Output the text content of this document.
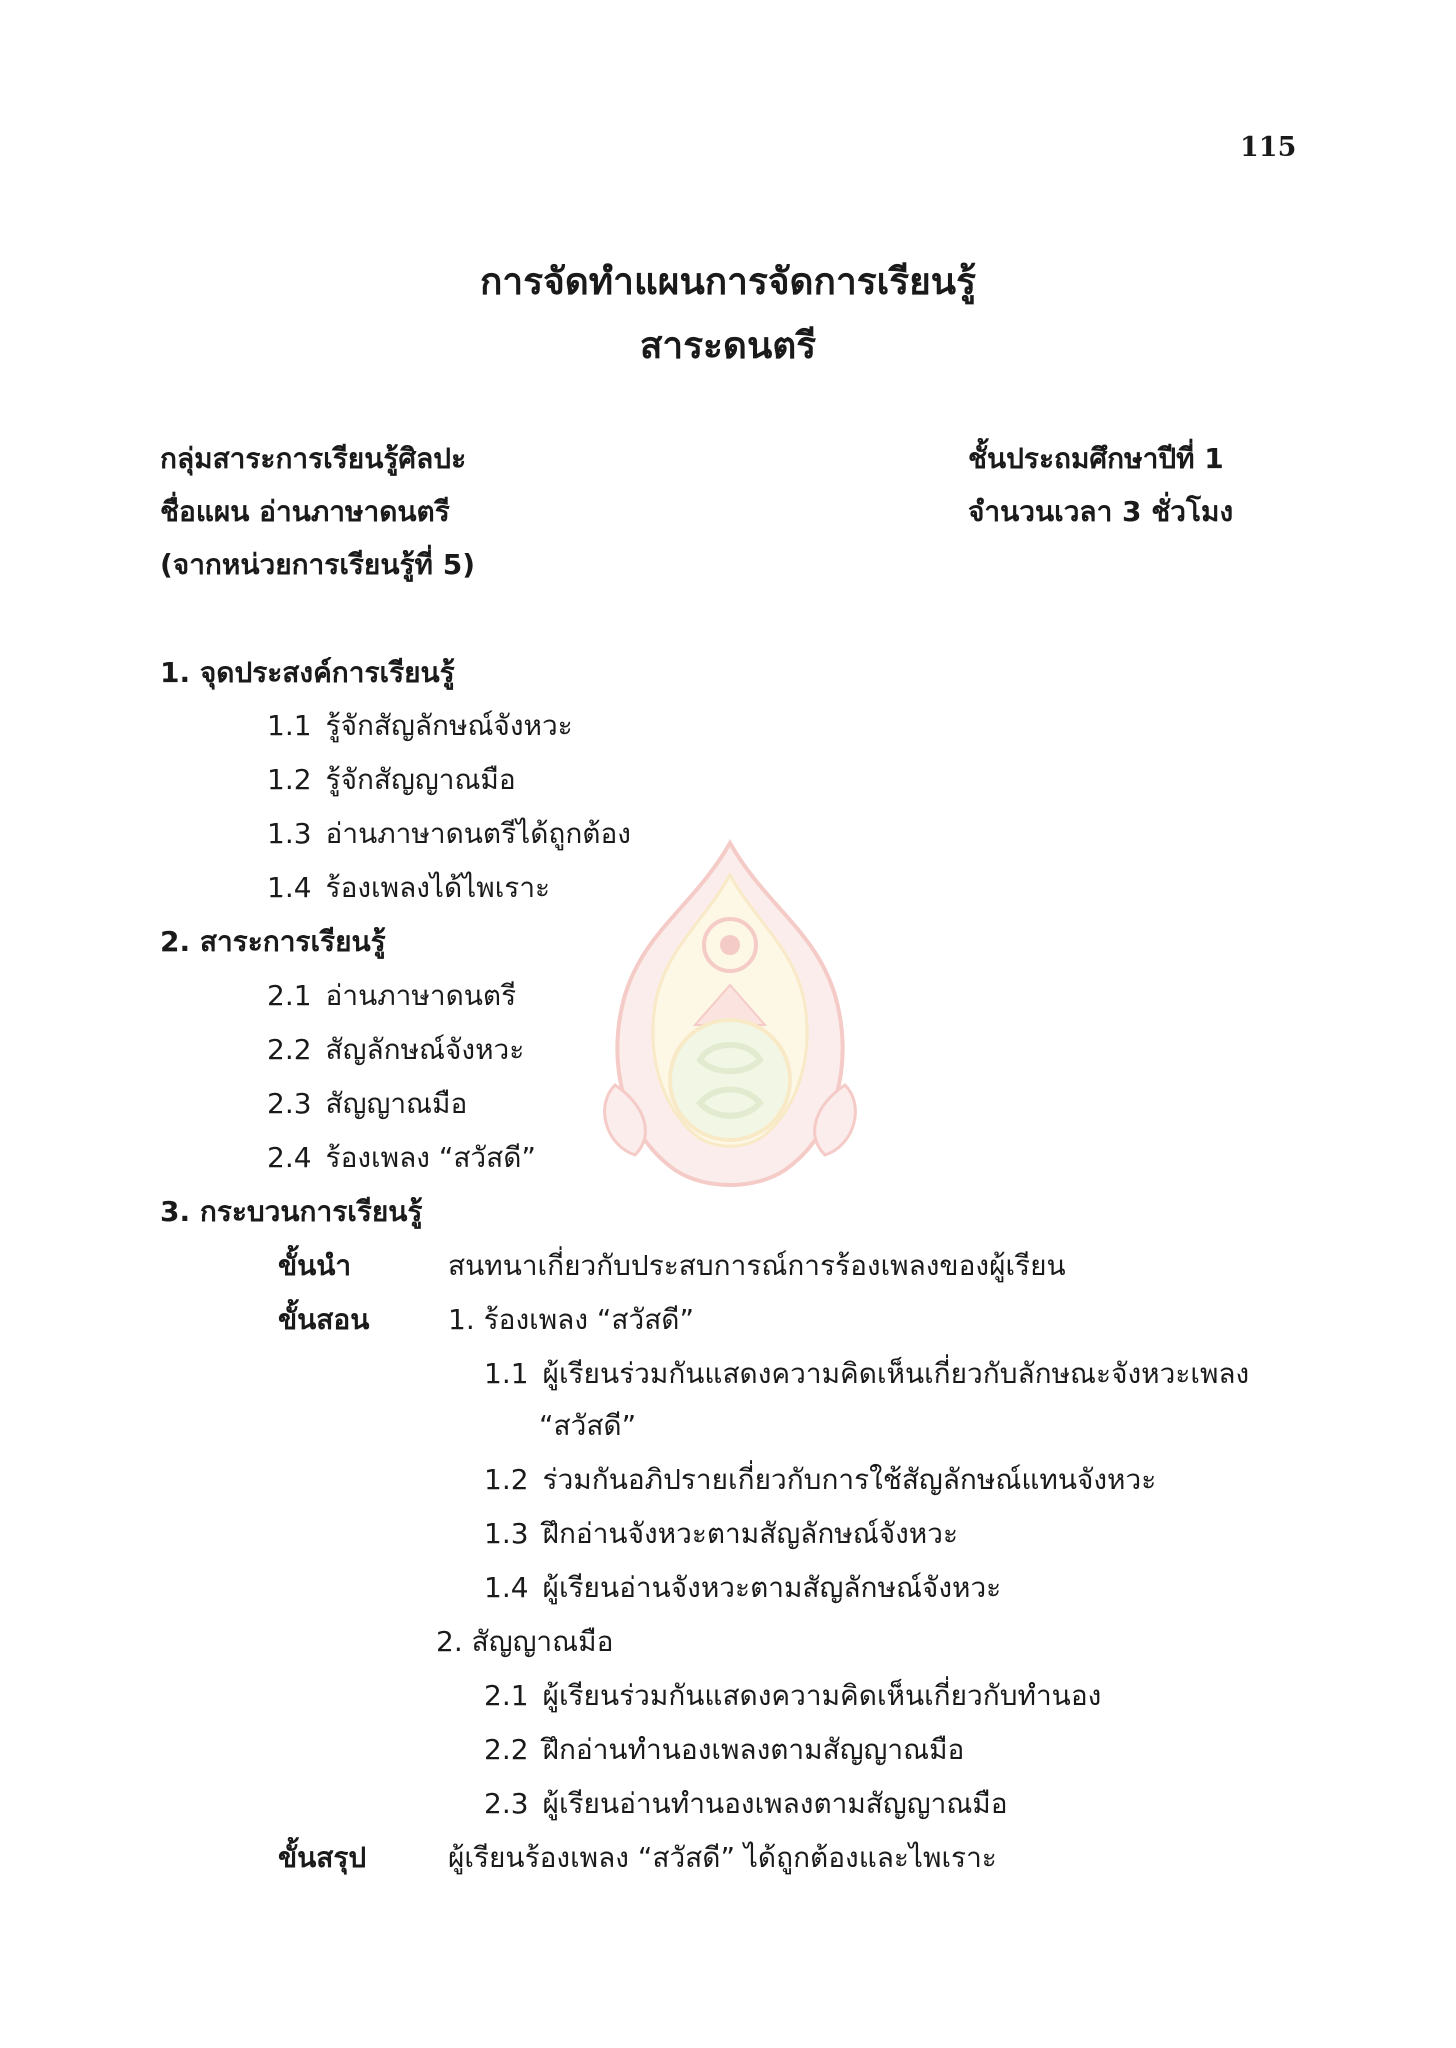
115
การจัดทำแผนการจัดการเรียนรู้
สาระดนตรี
กลุ่มสาระการเรียนรู้ศิลปะ
ชื่อแผน อ่านภาษาดนตรี
(จากหน่วยการเรียนรู้ที่ 5)
ชั้นประถมศึกษาปีที่ 1
จำนวนเวลา 3 ชั่วโมง
1. จุดประสงค์การเรียนรู้
1.1 รู้จักสัญลักษณ์จังหวะ
1.2 รู้จักสัญญาณมือ
1.3 อ่านภาษาดนตรีได้ถูกต้อง
1.4 ร้องเพลงได้ไพเราะ
2. สาระการเรียนรู้
2.1 อ่านภาษาดนตรี
2.2 สัญลักษณ์จังหวะ
2.3 สัญญาณมือ
2.4 ร้องเพลง “สวัสดี”
3. กระบวนการเรียนรู้
ขั้นนำ	สนทนาเกี่ยวกับประสบการณ์การร้องเพลงของผู้เรียน
ขั้นสอน	1. ร้องเพลง “สวัสดี”
1.1 ผู้เรียนร่วมกันแสดงความคิดเห็นเกี่ยวกับลักษณะจังหวะเพลง
“สวัสดี”
1.2 ร่วมกันอภิปรายเกี่ยวกับการใช้สัญลักษณ์แทนจังหวะ
1.3 ฝึกอ่านจังหวะตามสัญลักษณ์จังหวะ
1.4 ผู้เรียนอ่านจังหวะตามสัญลักษณ์จังหวะ
2. สัญญาณมือ
2.1 ผู้เรียนร่วมกันแสดงความคิดเห็นเกี่ยวกับทำนอง
2.2 ฝึกอ่านทำนองเพลงตามสัญญาณมือ
2.3 ผู้เรียนอ่านทำนองเพลงตามสัญญาณมือ
ขั้นสรุป	ผู้เรียนร้องเพลง “สวัสดี” ได้ถูกต้องและไพเราะ
